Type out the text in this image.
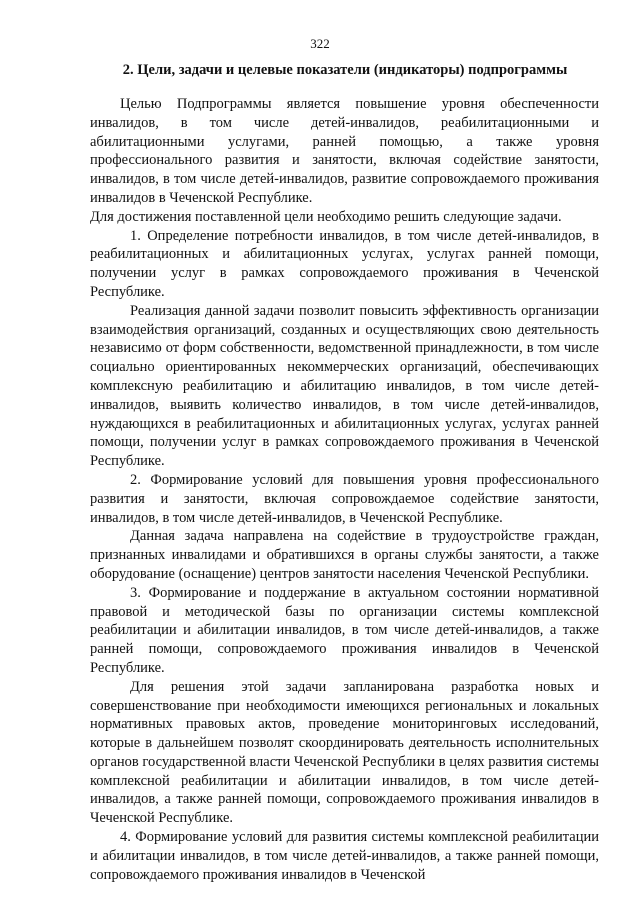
322
2. Цели, задачи и целевые показатели (индикаторы) подпрограммы

Целью Подпрограммы является повышение уровня обеспеченности инвалидов, в том числе детей-инвалидов, реабилитационными и абилитационными услугами, ранней помощью, а также уровня профессионального развития и занятости, включая содействие занятости, инвалидов, в том числе детей-инвалидов, развитие сопровождаемого проживания инвалидов в Чеченской Республике.

Для достижения поставленной цели необходимо решить следующие задачи.

1. Определение потребности инвалидов, в том числе детей-инвалидов, в реабилитационных и абилитационных услугах, услугах ранней помощи, получении услуг в рамках сопровождаемого проживания в Чеченской Республике.

Реализация данной задачи позволит повысить эффективность организации взаимодействия организаций, созданных и осуществляющих свою деятельность независимо от форм собственности, ведомственной принадлежности, в том числе социально ориентированных некоммерческих организаций, обеспечивающих комплексную реабилитацию и абилитацию инвалидов, в том числе детей-инвалидов, выявить количество инвалидов, в том числе детей-инвалидов, нуждающихся в реабилитационных и абилитационных услугах, услугах ранней помощи, получении услуг в рамках сопровождаемого проживания в Чеченской Республике.

2. Формирование условий для повышения уровня профессионального развития и занятости, включая сопровождаемое содействие занятости, инвалидов, в том числе детей-инвалидов, в Чеченской Республике.

Данная задача направлена на содействие в трудоустройстве граждан, признанных инвалидами и обратившихся в органы службы занятости, а также оборудование (оснащение) центров занятости населения Чеченской Республики.

3. Формирование и поддержание в актуальном состоянии нормативной правовой и методической базы по организации системы комплексной реабилитации и абилитации инвалидов, в том числе детей-инвалидов, а также ранней помощи, сопровождаемого проживания инвалидов в Чеченской Республике.

Для решения этой задачи запланирована разработка новых и совершенствование при необходимости имеющихся региональных и локальных нормативных правовых актов, проведение мониторинговых исследований, которые в дальнейшем позволят скоординировать деятельность исполнительных органов государственной власти Чеченской Республики в целях развития системы комплексной реабилитации и абилитации инвалидов, в том числе детей-инвалидов, а также ранней помощи, сопровождаемого проживания инвалидов в Чеченской Республике.

4. Формирование условий для развития системы комплексной реабилитации и абилитации инвалидов, в том числе детей-инвалидов, а также ранней помощи, сопровождаемого проживания инвалидов в Чеченской
